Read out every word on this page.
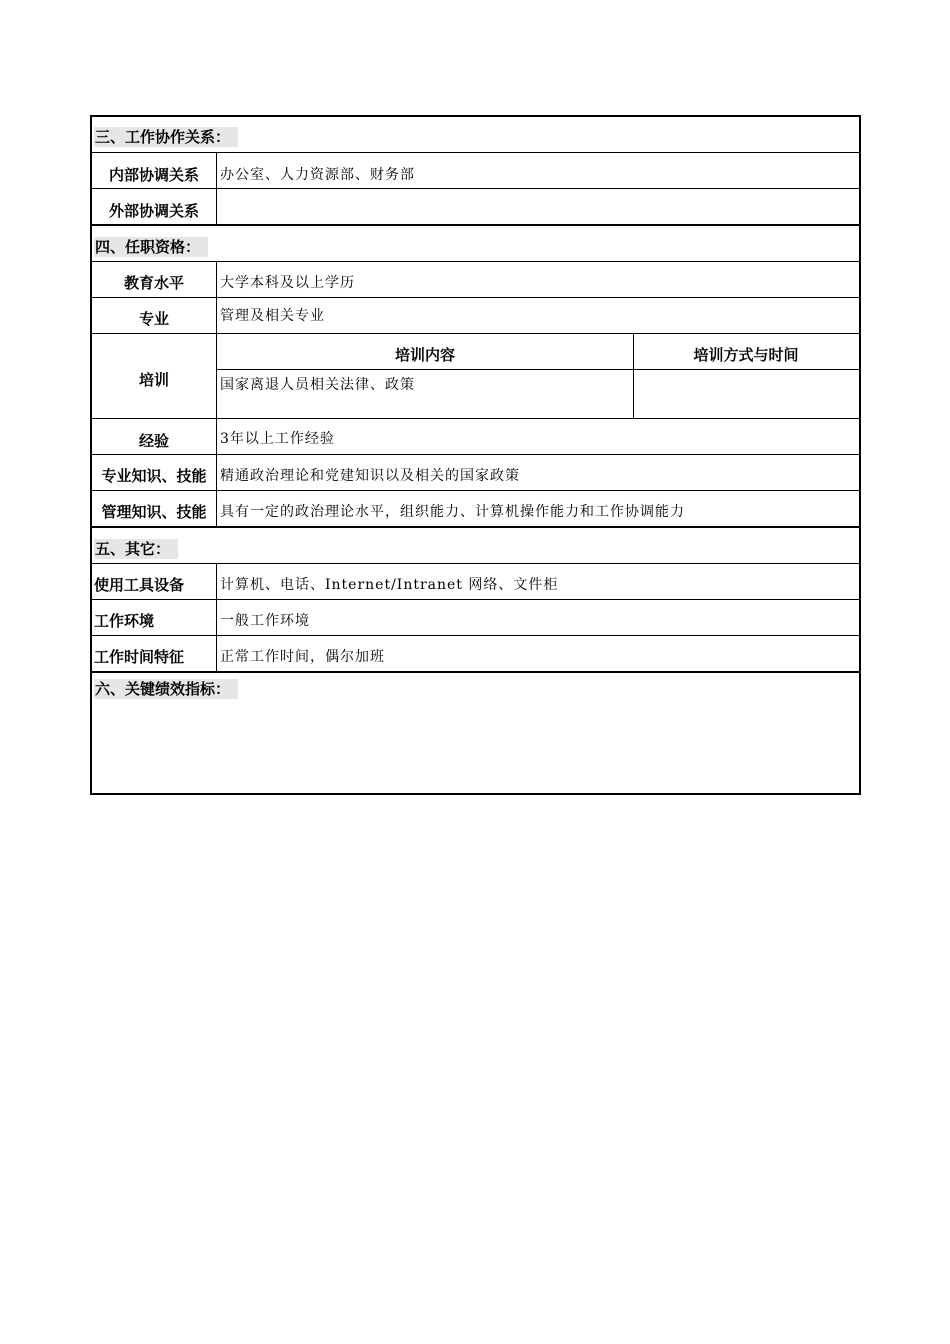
三、工作协作关系：
内部协调关系	办公室、人力资源部、财务部
外部协调关系
四、任职资格：
教育水平	大学本科及以上学历
专业	管理及相关专业
培训
培训内容	培训方式与时间
国家离退人员相关法律、政策
经验	3年以上工作经验
专业知识、技能 精通政治理论和党建知识以及相关的国家政策
管理知识、技能 具有一定的政治理论水平，组织能力、计算机操作能力和工作协调能力
五、其它：
使用工具设备	计算机、电话、Internet/Intranet 网络、文件柜
工作环境	一般工作环境
工作时间特征	正常工作时间，偶尔加班
六、关键绩效指标：
